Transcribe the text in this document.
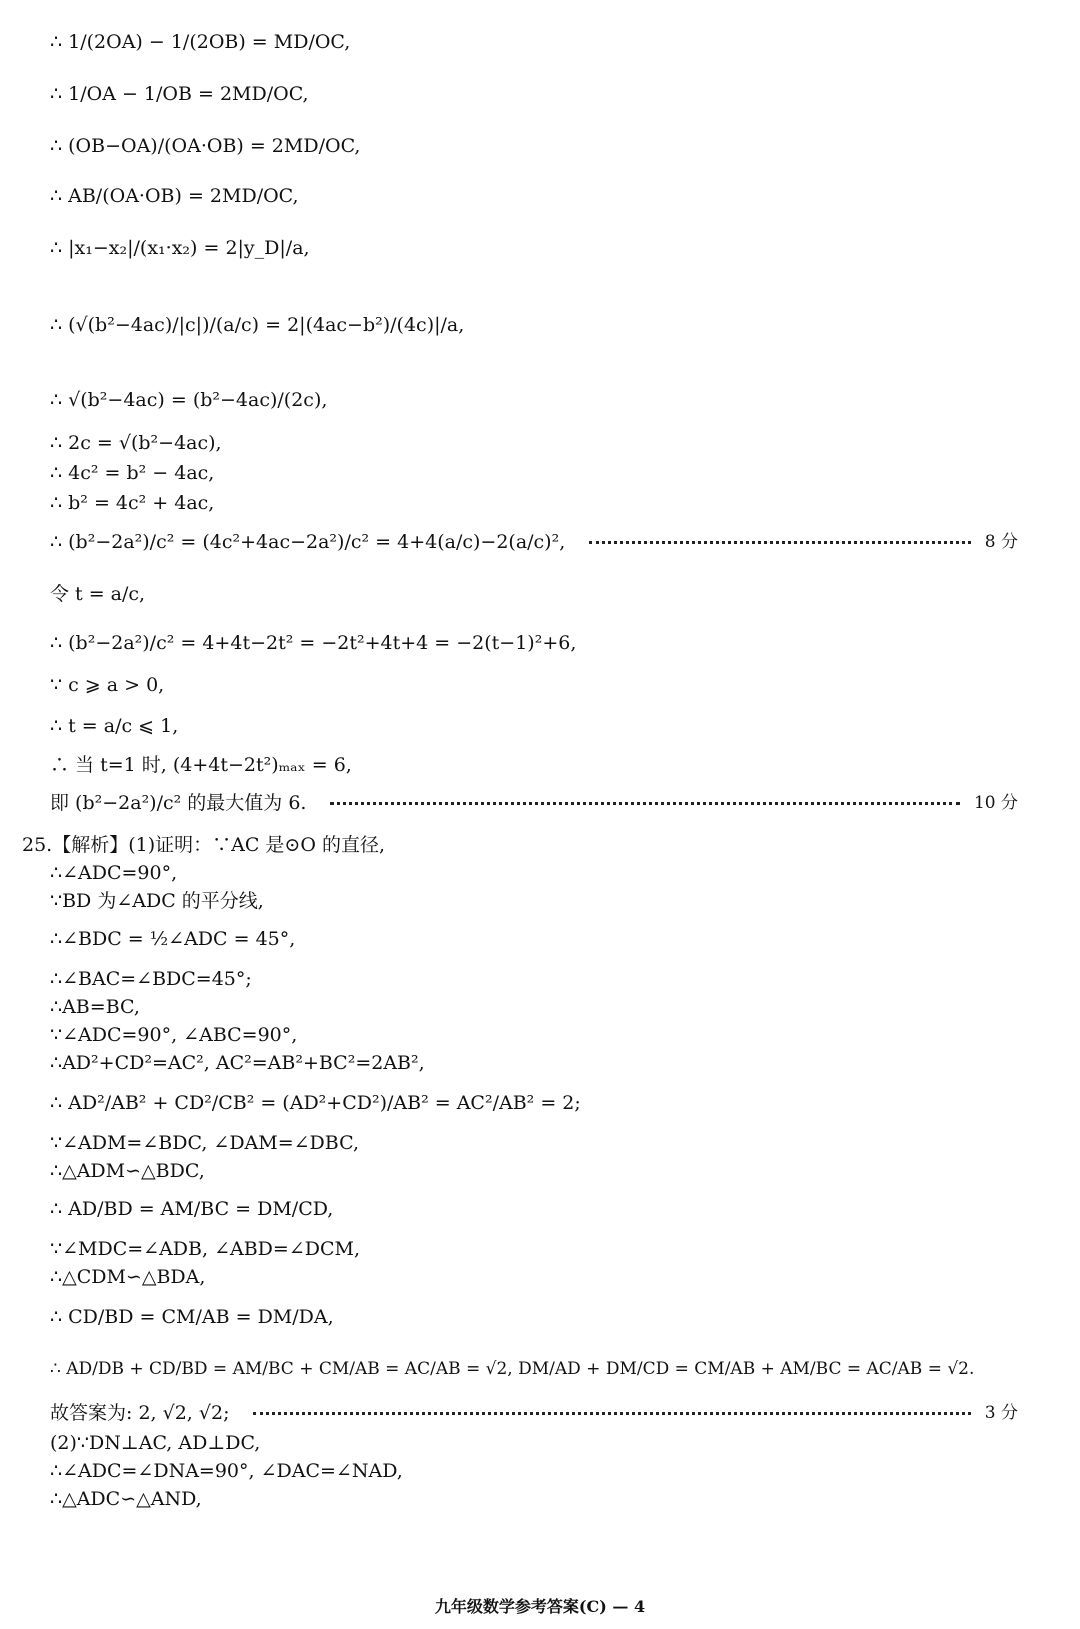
∴ 1/(2OA) − 1/(2OB) = MD/OC,
∴ 1/OA − 1/OB = 2MD/OC,
∴ (OB−OA)/(OA·OB) = 2MD/OC,
∴ AB/(OA·OB) = 2MD/OC,
∴ |x₁−x₂|/(x₁·x₂) = 2|y_D|/a,
∴ (√(b²−4ac)/|c|)/(a/c) = 2|(4ac−b²)/(4c)|/a,
∴ √(b²−4ac) = (b²−4ac)/(2c),
∴ 2c = √(b²−4ac),
∴ 4c² = b² − 4ac,
∴ b² = 4c² + 4ac,
∴ (b²−2a²)/c² = (4c²+4ac−2a²)/c² = 4+4(a/c)−2(a/c)²,	8 分
令 t = a/c,
∴ (b²−2a²)/c² = 4+4t−2t² = −2t²+4t+4 = −2(t−1)²+6,
∵ c ⩾ a > 0,
∴ t = a/c ⩽ 1,
∴ 当 t=1 时, (4+4t−2t²)ₘₐₓ = 6,
即 (b²−2a²)/c² 的最大值为 6.	10 分
25.【解析】(1)证明：∵AC 是⊙O 的直径,
∴∠ADC=90°,
∵BD 为∠ADC 的平分线,
∴∠BDC = ½∠ADC = 45°,
∴∠BAC=∠BDC=45°;
∴AB=BC,
∵∠ADC=90°, ∠ABC=90°,
∴AD²+CD²=AC², AC²=AB²+BC²=2AB²,
∴ AD²/AB² + CD²/CB² = (AD²+CD²)/AB² = AC²/AB² = 2;
∵∠ADM=∠BDC, ∠DAM=∠DBC,
∴△ADM∽△BDC,
∴ AD/BD = AM/BC = DM/CD,
∵∠MDC=∠ADB, ∠ABD=∠DCM,
∴△CDM∽△BDA,
∴ CD/BD = CM/AB = DM/DA,
∴ AD/DB + CD/BD = AM/BC + CM/AB = AC/AB = √2, DM/AD + DM/CD = CM/AB + AM/BC = AC/AB = √2.
故答案为: 2, √2, √2;	3 分
(2)∵DN⊥AC, AD⊥DC,
∴∠ADC=∠DNA=90°, ∠DAC=∠NAD,
∴△ADC∽△AND,
九年级数学参考答案(C) — 4
